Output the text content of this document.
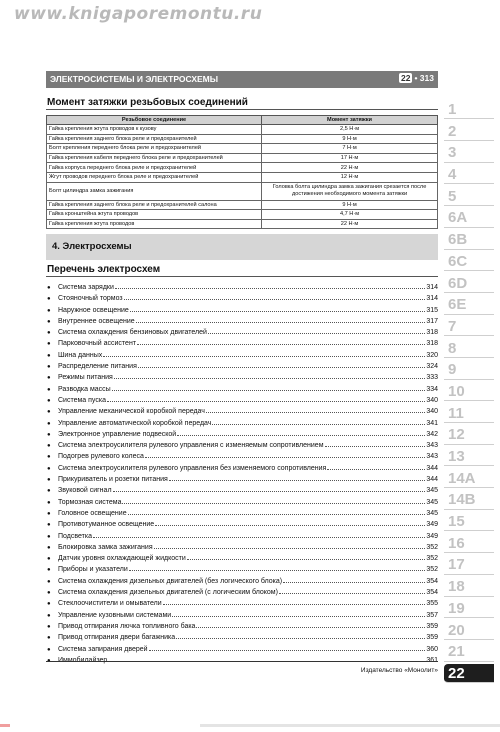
www.knigaporemontu.ru
ЭЛЕКТРОСИСТЕМЫ И ЭЛЕКТРОСХЕМЫ	22 • 313
Момент затяжки резьбовых соединений
Резьбовое соединение	Момент затяжки
Гайка крепления жгута проводов к кузову	2,5 Н·м
Гайка крепления заднего блока реле и предохранителей	9 Н·м
Болт крепления переднего блока реле и предохранителей	7 Н·м
Гайка крепления кабеля переднего блока реле и предохранителей	17 Н·м
Гайка корпуса переднего блока реле и предохранителей	22 Н·м
Жгут проводов переднего блока реле и предохранителей	12 Н·м
Болт цилиндра замка зажигания	Головка болта цилиндра замка зажигания срезается после достижения необходимого момента затяжки
Гайка крепления заднего блока реле и предохранителей салона	9 Н·м
Гайка кронштейна жгута проводов	4,7 Н·м
Гайка крепления жгута проводов	22 Н·м
4. Электросхемы
Перечень электросхем
●	Система зарядки	314
●	Стояночный тормоз	314
●	Наружное освещение	315
●	Внутреннее освещение	317
●	Система охлаждения бензиновых двигателей	318
●	Парковочный ассистент	318
●	Шина данных	320
●	Распределение питания	324
●	Режимы питания	333
●	Разводка массы	334
●	Система пуска	340
●	Управление механической коробкой передач	340
●	Управление автоматической коробкой передач	341
●	Электронное управление подвеской	342
●	Система электроусилителя рулевого управления с изменяемым сопротивлением	343
●	Подогрев рулевого колеса	343
●	Система электроусилителя рулевого управления без изменяемого сопротивления	344
●	Прикуриватель и розетки питания	344
●	Звуковой сигнал	345
●	Тормозная система	345
●	Головное освещение	345
●	Противотуманное освещение	349
●	Подсветка	349
●	Блокировка замка зажигания	352
●	Датчик уровня охлаждающей жидкости	352
●	Приборы и указатели	352
●	Система охлаждения дизельных двигателей (без логического блока)	354
●	Система охлаждения дизельных двигателей (с логическим блоком)	354
●	Стеклоочистители и омыватели	355
●	Управление кузовными системами	357
●	Привод отпирания лючка топливного бака	359
●	Привод отпирания двери багажника	359
●	Система запирания дверей	360
Издательство «Монолит»
1
2
3
4
5
6A
6B
6C
6D
6E
7
8
9
10
11
12
13
14A
14B
15
16
17
18
19
20
21
22
